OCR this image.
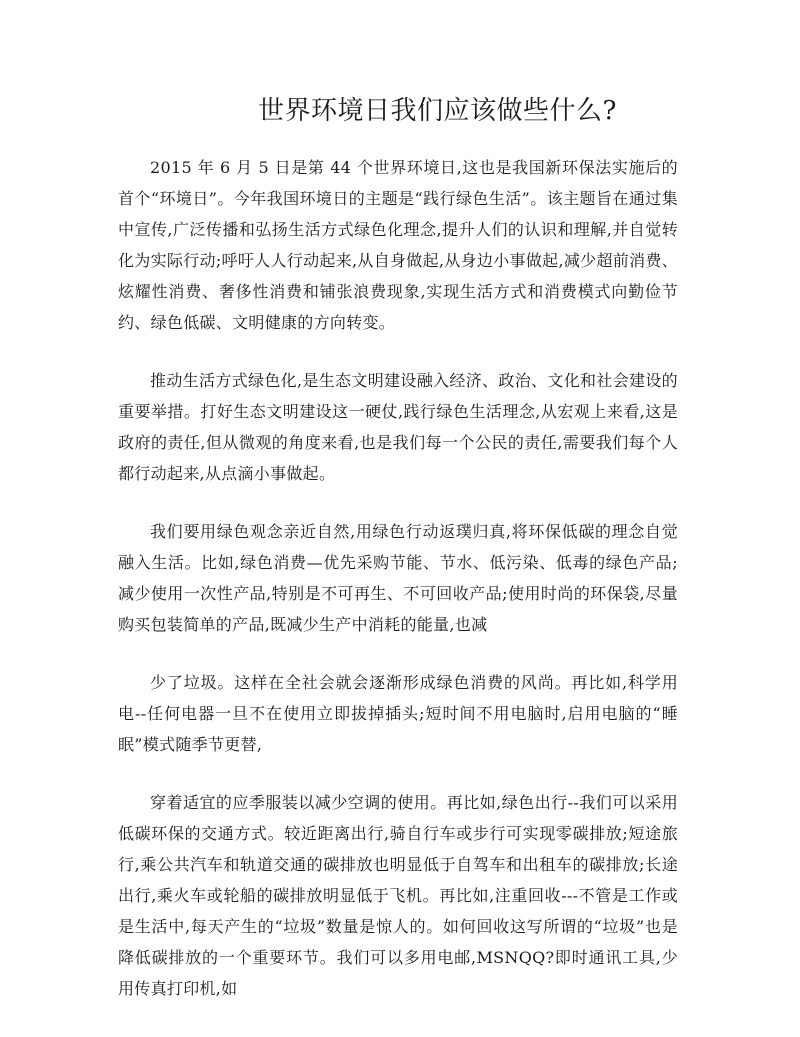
世界环境日我们应该做些什么?

2015 年 6 月 5 日是第 44 个世界环境日,这也是我国新环保法实施后的首个“环境日”。今年我国环境日的主题是“践行绿色生活”。该主题旨在通过集中宣传,广泛传播和弘扬生活方式绿色化理念,提升人们的认识和理解,并自觉转化为实际行动;呼吁人人行动起来,从自身做起,从身边小事做起,减少超前消费、炫耀性消费、奢侈性消费和铺张浪费现象,实现生活方式和消费模式向勤俭节约、绿色低碳、文明健康的方向转变。

推动生活方式绿色化,是生态文明建设融入经济、政治、文化和社会建设的重要举措。打好生态文明建设这一硬仗,践行绿色生活理念,从宏观上来看,这是政府的责任,但从微观的角度来看,也是我们每一个公民的责任,需要我们每个人都行动起来,从点滴小事做起。

我们要用绿色观念亲近自然,用绿色行动返璞归真,将环保低碳的理念自觉融入生活。比如,绿色消费—优先采购节能、节水、低污染、低毒的绿色产品;减少使用一次性产品,特别是不可再生、不可回收产品;使用时尚的环保袋,尽量购买包装简单的产品,既减少生产中消耗的能量,也减

少了垃圾。这样在全社会就会逐渐形成绿色消费的风尚。再比如,科学用电--任何电器一旦不在使用立即拔掉插头;短时间不用电脑时,启用电脑的“睡眠”模式随季节更替,

穿着适宜的应季服装以减少空调的使用。再比如,绿色出行--我们可以采用低碳环保的交通方式。较近距离出行,骑自行车或步行可实现零碳排放;短途旅行,乘公共汽车和轨道交通的碳排放也明显低于自驾车和出租车的碳排放;长途出行,乘火车或轮船的碳排放明显低于飞机。再比如,注重回收---不管是工作或是生活中,每天产生的“垃圾”数量是惊人的。如何回收这写所谓的“垃圾”也是降低碳排放的一个重要环节。我们可以多用电邮,MSNQQ?即时通讯工具,少用传真打印机,如
